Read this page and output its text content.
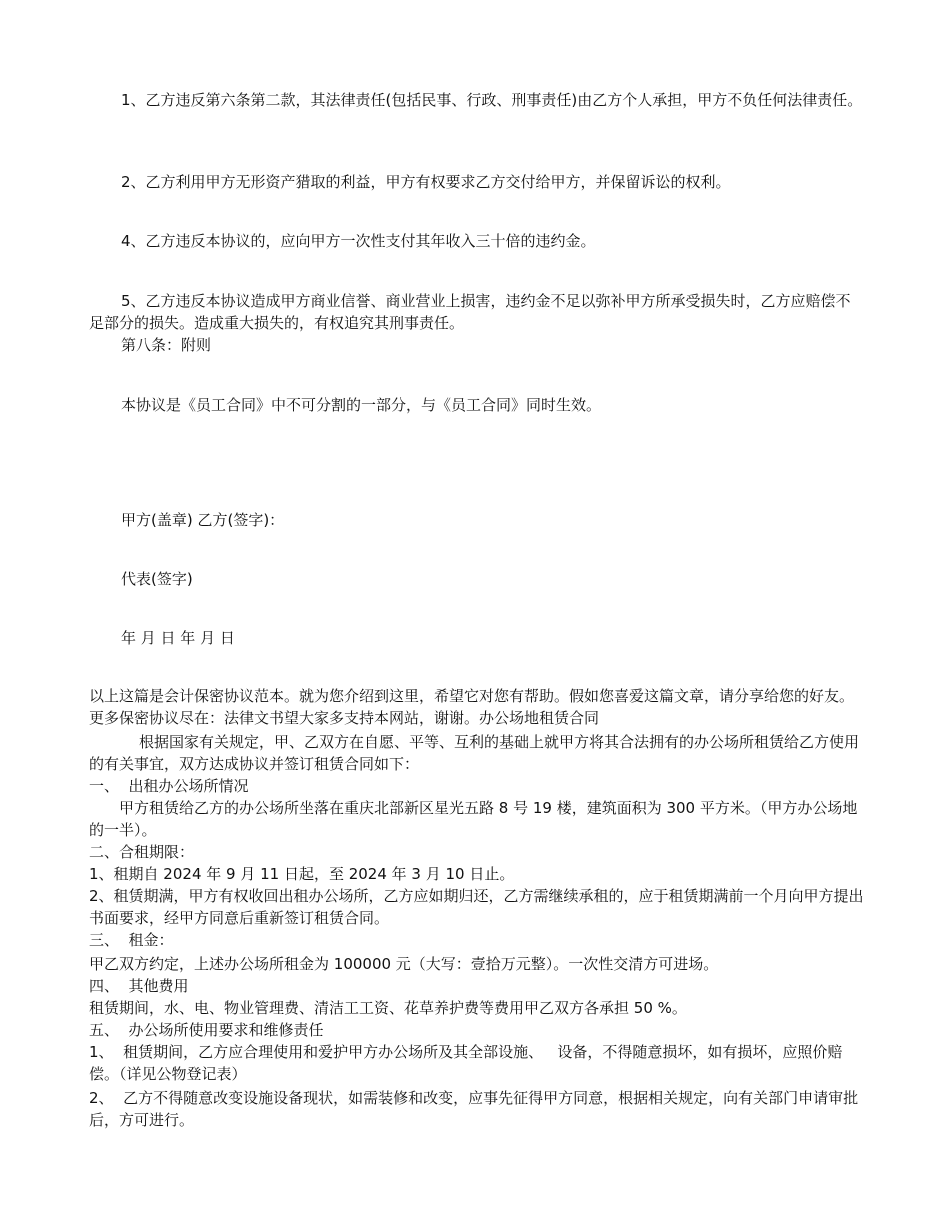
1、乙方违反第六条第二款，其法律责任(包括民事、行政、刑事责任)由乙方个人承担，甲方不负任何法律责任。

2、乙方利用甲方无形资产猎取的利益，甲方有权要求乙方交付给甲方，并保留诉讼的权利。

4、乙方违反本协议的，应向甲方一次性支付其年收入三十倍的违约金。

5、乙方违反本协议造成甲方商业信誉、商业营业上损害，违约金不足以弥补甲方所承受损失时，乙方应赔偿不足部分的损失。造成重大损失的，有权追究其刑事责任。

第八条：附则

本协议是《员工合同》中不可分割的一部分，与《员工合同》同时生效。

甲方(盖章) 乙方(签字)：

代表(签字)

年 月 日 年 月 日

以上这篇是会计保密协议范本。就为您介绍到这里，希望它对您有帮助。假如您喜爱这篇文章，请分享给您的好友。更多保密协议尽在：法律文书望大家多支持本网站，谢谢。办公场地租赁合同

根据国家有关规定，甲、乙双方在自愿、平等、互利的基础上就甲方将其合法拥有的办公场所租赁给乙方使用的有关事宜，双方达成协议并签订租赁合同如下：

一、  出租办公场所情况

甲方租赁给乙方的办公场所坐落在重庆北部新区星光五路 8 号 19 楼，建筑面积为 300 平方米。（甲方办公场地的一半）。

二、合租期限：

1、租期自 2024 年 9 月 11 日起，至 2024 年 3 月 10 日止。

2、租赁期满，甲方有权收回出租办公场所，乙方应如期归还，乙方需继续承租的，应于租赁期满前一个月向甲方提出书面要求，经甲方同意后重新签订租赁合同。

三、  租金：

甲乙双方约定，上述办公场所租金为 100000 元（大写：壹拾万元整）。一次性交清方可进场。

四、  其他费用

租赁期间，水、电、物业管理费、清洁工工资、花草养护费等费用甲乙双方各承担 50 %。

五、  办公场所使用要求和维修责任

1、  租赁期间，乙方应合理使用和爱护甲方办公场所及其全部设施、   设备，不得随意损坏，如有损坏，应照价赔偿。（详见公物登记表）

2、  乙方不得随意改变设施设备现状，如需装修和改变，应事先征得甲方同意，根据相关规定，向有关部门申请审批后，方可进行。
